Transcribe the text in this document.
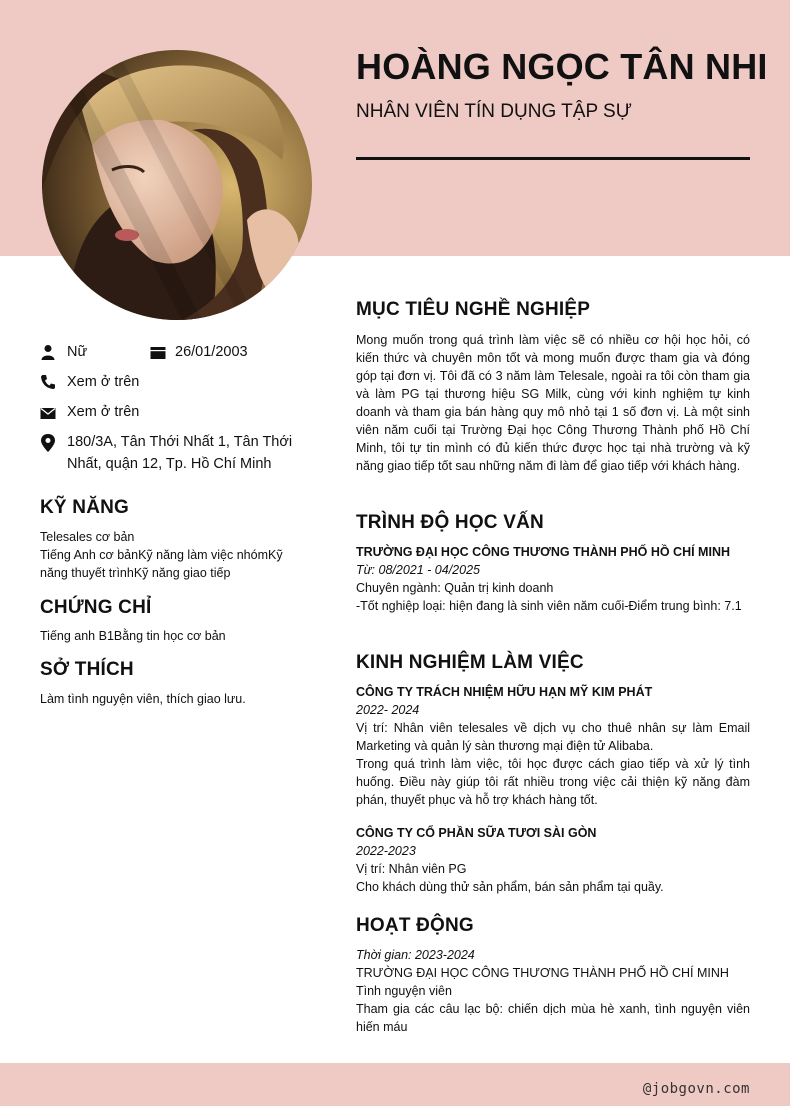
HOÀNG NGỌC TÂN NHI
NHÂN VIÊN TÍN DỤNG TẬP SỰ
Nữ	26/01/2003
Xem ở trên
Xem ở trên
180/3A, Tân Thới Nhất 1, Tân Thới
Nhất, quận 12, Tp. Hồ Chí Minh
KỸ NĂNG
Telesales cơ bản
Tiếng Anh cơ bảnKỹ năng làm việc nhómKỹ
năng thuyết trìnhKỹ năng giao tiếp
CHỨNG CHỈ
Tiếng anh B1Bằng tin học cơ bản
SỞ THÍCH
Làm tình nguyện viên, thích giao lưu.
MỤC TIÊU NGHỀ NGHIỆP
Mong muốn trong quá trình làm việc sẽ có nhiều cơ hội học hỏi, có kiến thức và chuyên môn tốt và mong muốn được tham gia và đóng góp tại đơn vị. Tôi đã có 3 năm làm Telesale, ngoài ra tôi còn tham gia và làm PG tại thương hiệu SG Milk, cùng với kinh nghiệm tự kinh doanh và tham gia bán hàng quy mô nhỏ tại 1 số đơn vị. Là một sinh viên năm cuối tại Trường Đại học Công Thương Thành phố Hồ Chí Minh, tôi tự tin mình có đủ kiến thức được học tại nhà trường và kỹ năng giao tiếp tốt sau những năm đi làm để giao tiếp với khách hàng.
TRÌNH ĐỘ HỌC VẤN
TRƯỜNG ĐẠI HỌC CÔNG THƯƠNG THÀNH PHỐ HỒ CHÍ MINH
Từ: 08/2021 - 04/2025
Chuyên ngành: Quản trị kinh doanh
-Tốt nghiệp loại: hiện đang là sinh viên năm cuối-Điểm trung bình: 7.1
KINH NGHIỆM LÀM VIỆC
CÔNG TY TRÁCH NHIỆM HỮU HẠN MỸ KIM PHÁT
2022- 2024
Vị trí: Nhân viên telesales về dịch vụ cho thuê nhân sự làm Email Marketing và quản lý sàn thương mại điện tử Alibaba.
Trong quá trình làm việc, tôi học được cách giao tiếp và xử lý tình huống. Điều này giúp tôi rất nhiều trong việc cải thiện kỹ năng đàm phán, thuyết phục và hỗ trợ khách hàng tốt.
CÔNG TY CỔ PHẦN SỮA TƯƠI SÀI GÒN
2022-2023
Vị trí: Nhân viên PG
Cho khách dùng thử sản phẩm, bán sản phẩm tại quầy.
HOẠT ĐỘNG
Thời gian: 2023-2024
TRƯỜNG ĐẠI HỌC CÔNG THƯƠNG THÀNH PHỐ HỒ CHÍ MINH
Tình nguyện viên
Tham gia các câu lạc bộ: chiến dịch mùa hè xanh, tình nguyện viên hiến máu
@jobgovn.com
